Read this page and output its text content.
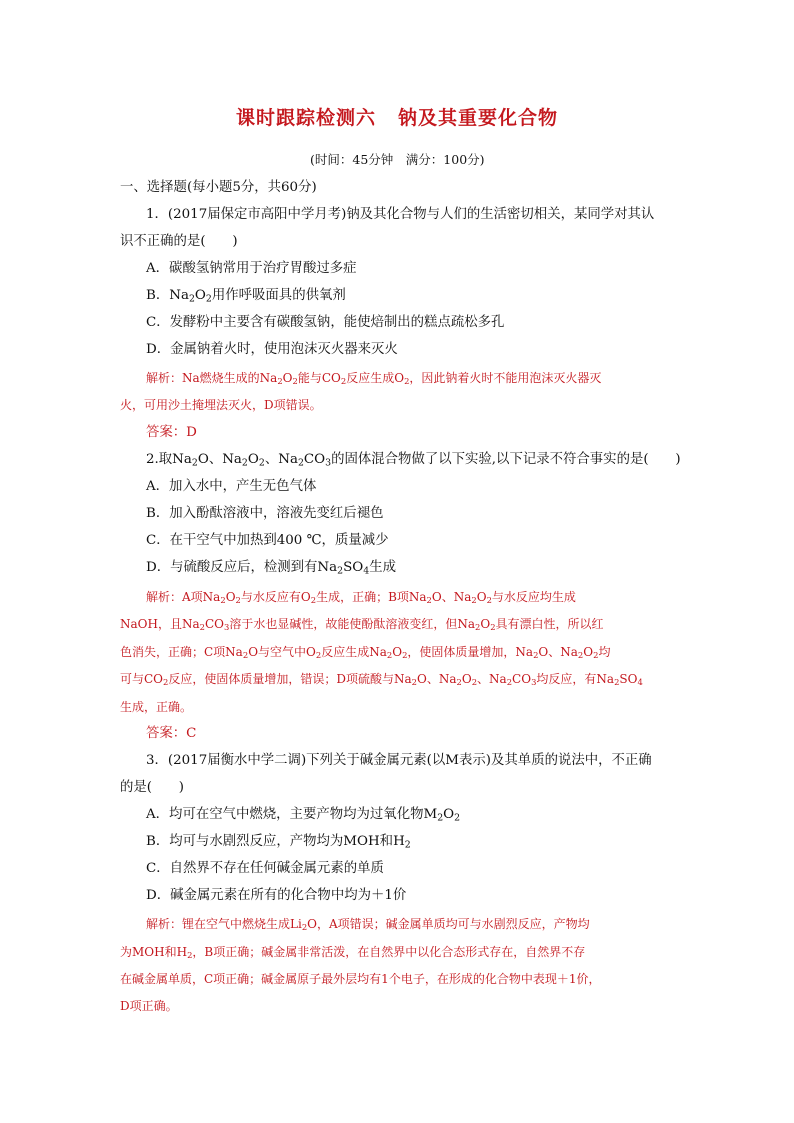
课时跟踪检测六 钠及其重要化合物
(时间：45分钟　满分：100分)
一、选择题(每小题5分，共60分)
1．(2017届保定市高阳中学月考)钠及其化合物与人们的生活密切相关，某同学对其认
识不正确的是(　　)
A．碳酸氢钠常用于治疗胃酸过多症
B．$Na_2O_2$用作呼吸面具的供氧剂
C．发酵粉中主要含有碳酸氢钠，能使焙制出的糕点疏松多孔
D．金属钠着火时，使用泡沫灭火器来灭火
解析：Na燃烧生成的$Na_2O_2$能与$CO_2$反应生成$O_2$，因此钠着火时不能用泡沫灭火器灭
火，可用沙土掩埋法灭火，D项错误。
答案：D
2.取$Na_2O$、$Na_2O_2$、$Na_2CO_3$的固体混合物做了以下实验,以下记录不符合事实的是(　　)
A．加入水中，产生无色气体
B．加入酚酞溶液中，溶液先变红后褪色
C．在干空气中加热到400 ℃，质量减少
D．与硫酸反应后，检测到有$Na_2SO_4$生成
解析：A项$Na_2O_2$与水反应有$O_2$生成，正确；B项$Na_2O$、$Na_2O_2$与水反应均生成
NaOH，且$Na_2CO_3$溶于水也显碱性，故能使酚酞溶液变红，但$Na_2O_2$具有漂白性，所以红
色消失，正确；C项$Na_2O$与空气中$O_2$反应生成$Na_2O_2$，使固体质量增加，$Na_2O$、$Na_2O_2$均
可与$CO_2$反应，使固体质量增加，错误；D项硫酸与$Na_2O$、$Na_2O_2$、$Na_2CO_3$均反应，有$Na_2SO_4$
生成，正确。
答案：C
3．(2017届衡水中学二调)下列关于碱金属元素(以M表示)及其单质的说法中，不正确
的是(　　)
A．均可在空气中燃烧，主要产物均为过氧化物$M_2O_2$
B．均可与水剧烈反应，产物均为MOH和$H_2$
C．自然界不存在任何碱金属元素的单质
D．碱金属元素在所有的化合物中均为＋1价
解析：锂在空气中燃烧生成$Li_2O$，A项错误；碱金属单质均可与水剧烈反应，产物均
为MOH和$H_2$，B项正确；碱金属非常活泼，在自然界中以化合态形式存在，自然界不存
在碱金属单质，C项正确；碱金属原子最外层均有1个电子，在形成的化合物中表现＋1价，
D项正确。
